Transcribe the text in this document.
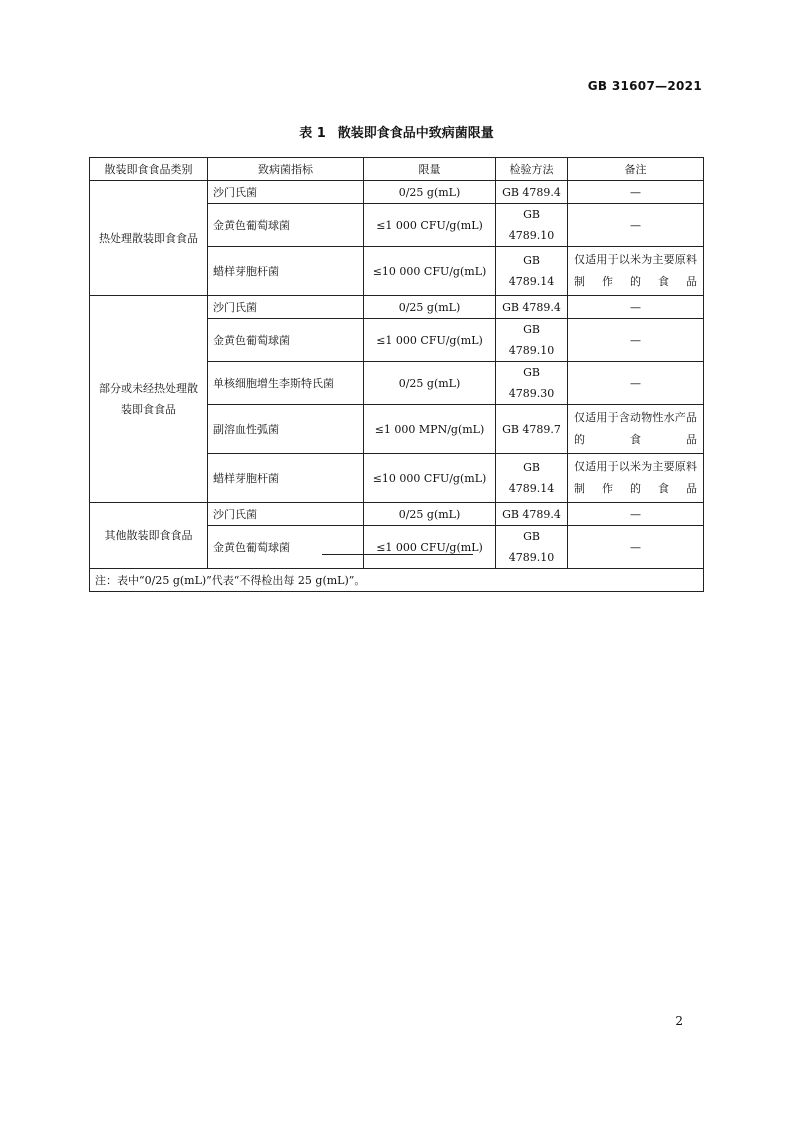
GB 31607—2021
表 1 散装即食食品中致病菌限量
散装即食食品类别	致病菌指标	限量	检验方法	备注
热处理散装即食食品	沙门氏菌	0/25 g(mL)	GB 4789.4	—
	金黄色葡萄球菌	≤1 000 CFU/g(mL)	GB 4789.10	—
	蜡样芽胞杆菌	≤10 000 CFU/g(mL)	GB 4789.14	仅适用于以米为主要原料制作的食品
部分或未经热处理散装即食食品	沙门氏菌	0/25 g(mL)	GB 4789.4	—
	金黄色葡萄球菌	≤1 000 CFU/g(mL)	GB 4789.10	—
	单核细胞增生李斯特氏菌	0/25 g(mL)	GB 4789.30	—
	副溶血性弧菌	≤1 000 MPN/g(mL)	GB 4789.7	仅适用于含动物性水产品的食品
	蜡样芽胞杆菌	≤10 000 CFU/g(mL)	GB 4789.14	仅适用于以米为主要原料制作的食品
其他散装即食食品	沙门氏菌	0/25 g(mL)	GB 4789.4	—
	金黄色葡萄球菌	≤1 000 CFU/g(mL)	GB 4789.10	—
注：表中“0/25 g(mL)”代表“不得检出每 25 g(mL)”。				
2
